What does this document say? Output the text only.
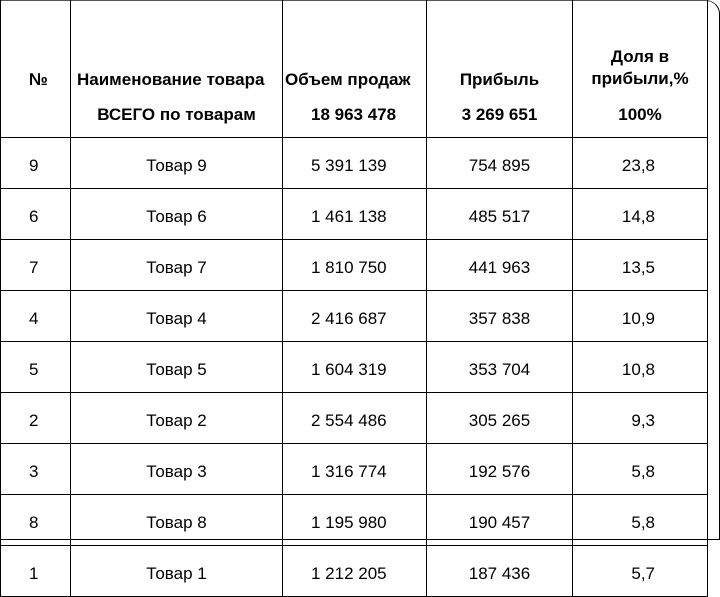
№	Наименование товара	Объем продаж	Прибыль	Доля в прибыли,%
	ВСЕГО по товарам	18 963 478	3 269 651	100%
9	Товар 9	5 391 139	754 895	23,8
6	Товар 6	1 461 138	485 517	14,8
7	Товар 7	1 810 750	441 963	13,5
4	Товар 4	2 416 687	357 838	10,9
5	Товар 5	1 604 319	353 704	10,8
2	Товар 2	2 554 486	305 265	9,3
3	Товар 3	1 316 774	192 576	5,8
8	Товар 8	1 195 980	190 457	5,8
1	Товар 1	1 212 205	187 436	5,7
